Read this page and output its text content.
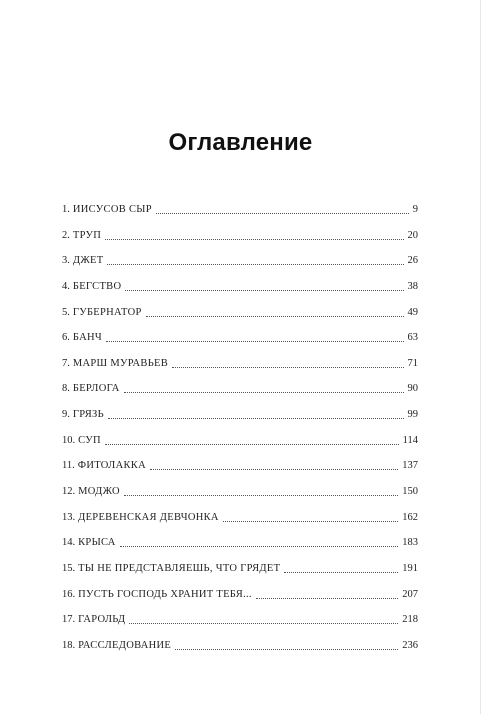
Оглавление
1. ИИСУСОВ СЫР	9
2. ТРУП	20
3. ДЖЕТ	26
4. БЕГСТВО	38
5. ГУБЕРНАТОР	49
6. БАНЧ	63
7. МАРШ МУРАВЬЕВ	71
8. БЕРЛОГА	90
9. ГРЯЗЬ	99
10. СУП	114
11. ФИТОЛАККА	137
12. МОДЖО	150
13. ДЕРЕВЕНСКАЯ ДЕВЧОНКА	162
14. КРЫСА	183
15. ТЫ НЕ ПРЕДСТАВЛЯЕШЬ, ЧТО ГРЯДЕТ	191
16. ПУСТЬ ГОСПОДЬ ХРАНИТ ТЕБЯ...	207
17. ГАРОЛЬД	218
18. РАССЛЕДОВАНИЕ	236
